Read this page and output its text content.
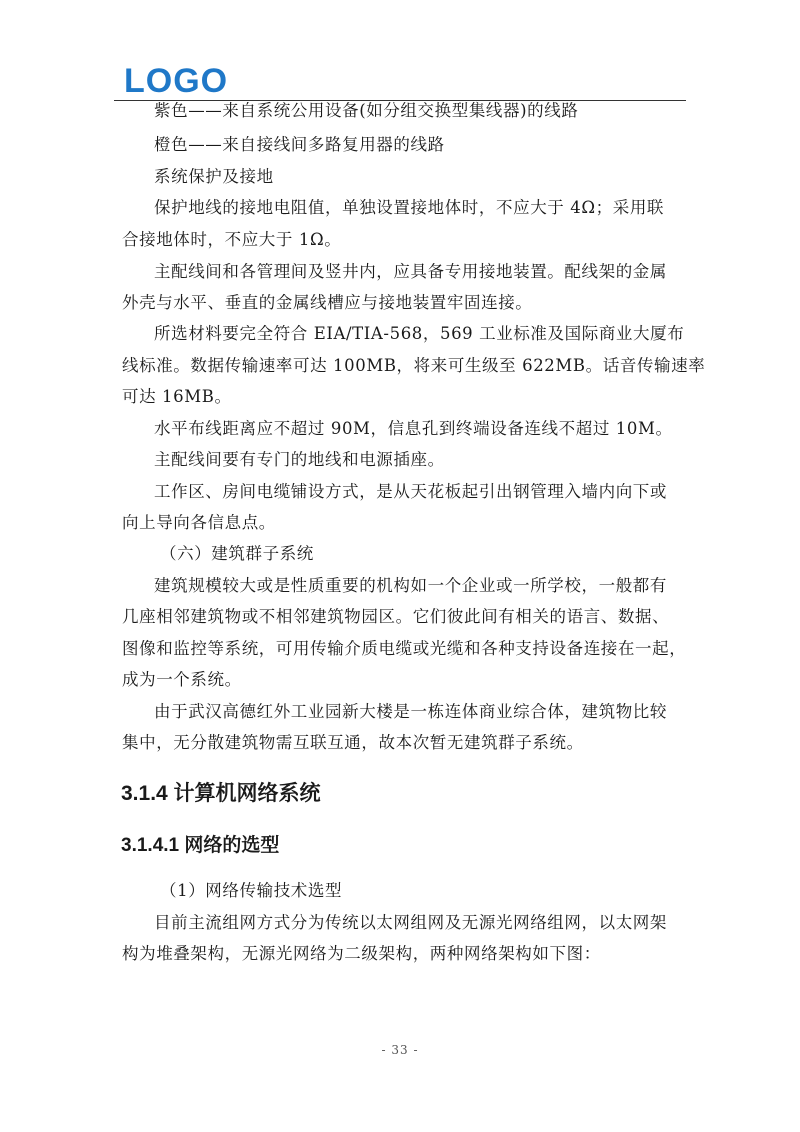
LOGO

紫色——来自系统公用设备(如分组交换型集线器)的线路

橙色——来自接线间多路复用器的线路

系统保护及接地

保护地线的接地电阻值，单独设置接地体时，不应大于 4Ω；采用联

合接地体时，不应大于 1Ω。

主配线间和各管理间及竖井内，应具备专用接地装置。配线架的金属

外壳与水平、垂直的金属线槽应与接地装置牢固连接。

所选材料要完全符合 EIA/TIA-568，569 工业标准及国际商业大厦布

线标准。数据传输速率可达 100MB，将来可生级至 622MB。话音传输速率

可达 16MB。

水平布线距离应不超过 90M，信息孔到终端设备连线不超过 10M。

主配线间要有专门的地线和电源插座。

工作区、房间电缆铺设方式，是从天花板起引出钢管理入墙内向下或

向上导向各信息点。

（六）建筑群子系统

建筑规模较大或是性质重要的机构如一个企业或一所学校，一般都有

几座相邻建筑物或不相邻建筑物园区。它们彼此间有相关的语言、数据、

图像和监控等系统，可用传输介质电缆或光缆和各种支持设备连接在一起，

成为一个系统。

由于武汉高德红外工业园新大楼是一栋连体商业综合体，建筑物比较

集中，无分散建筑物需互联互通，故本次暂无建筑群子系统。

3.1.4 计算机网络系统
3.1.4.1 网络的选型

（1）网络传输技术选型

目前主流组网方式分为传统以太网组网及无源光网络组网，以太网架

构为堆叠架构，无源光网络为二级架构，两种网络架构如下图：

- 33 -
